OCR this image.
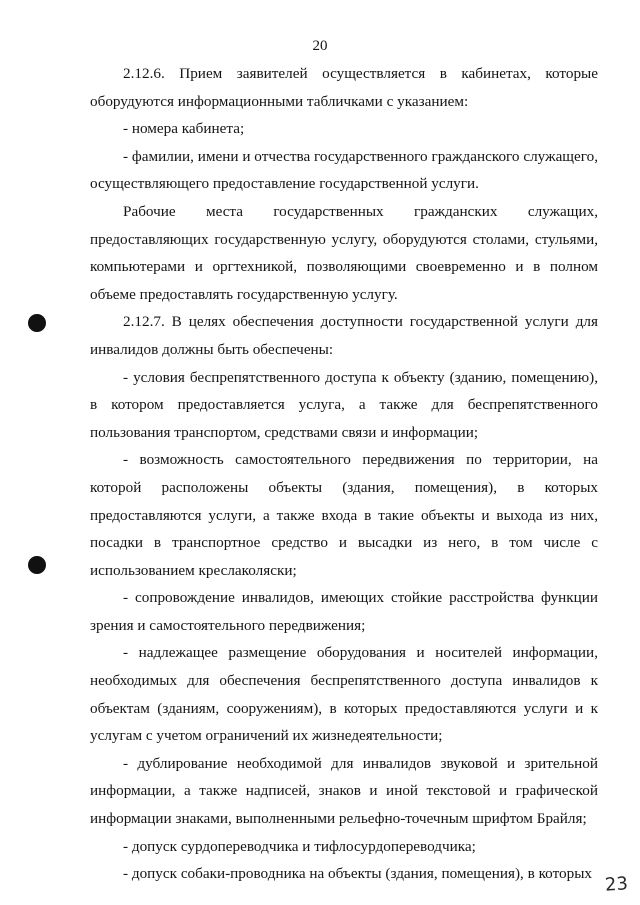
20

2.12.6. Прием заявителей осуществляется в кабинетах, которые оборудуются информационными табличками с указанием:

- номера кабинета;

- фамилии, имени и отчества государственного гражданского служащего, осуществляющего предоставление государственной услуги.

Рабочие места государственных гражданских служащих, предоставляющих государственную услугу, оборудуются столами, стульями, компьютерами и оргтехникой, позволяющими своевременно и в полном объеме предоставлять государственную услугу.

2.12.7. В целях обеспечения доступности государственной услуги для инвалидов должны быть обеспечены:

- условия беспрепятственного доступа к объекту (зданию, помещению), в котором предоставляется услуга, а также для беспрепятственного пользования транспортом, средствами связи и информации;

- возможность самостоятельного передвижения по территории, на которой расположены объекты (здания, помещения), в которых предоставляются услуги, а также входа в такие объекты и выхода из них, посадки в транспортное средство и высадки из него, в том числе с использованием креслаколяски;

- сопровождение инвалидов, имеющих стойкие расстройства функции зрения и самостоятельного передвижения;

- надлежащее размещение оборудования и носителей информации, необходимых для обеспечения беспрепятственного доступа инвалидов к объектам (зданиям, сооружениям), в которых предоставляются услуги и к услугам с учетом ограничений их жизнедеятельности;

- дублирование необходимой для инвалидов звуковой и зрительной информации, а также надписей, знаков и иной текстовой и графической информации знаками, выполненными рельефно-точечным шрифтом Брайля;

- допуск сурдопереводчика и тифлосурдопереводчика;

- допуск собаки-проводника на объекты (здания, помещения), в которых 23
